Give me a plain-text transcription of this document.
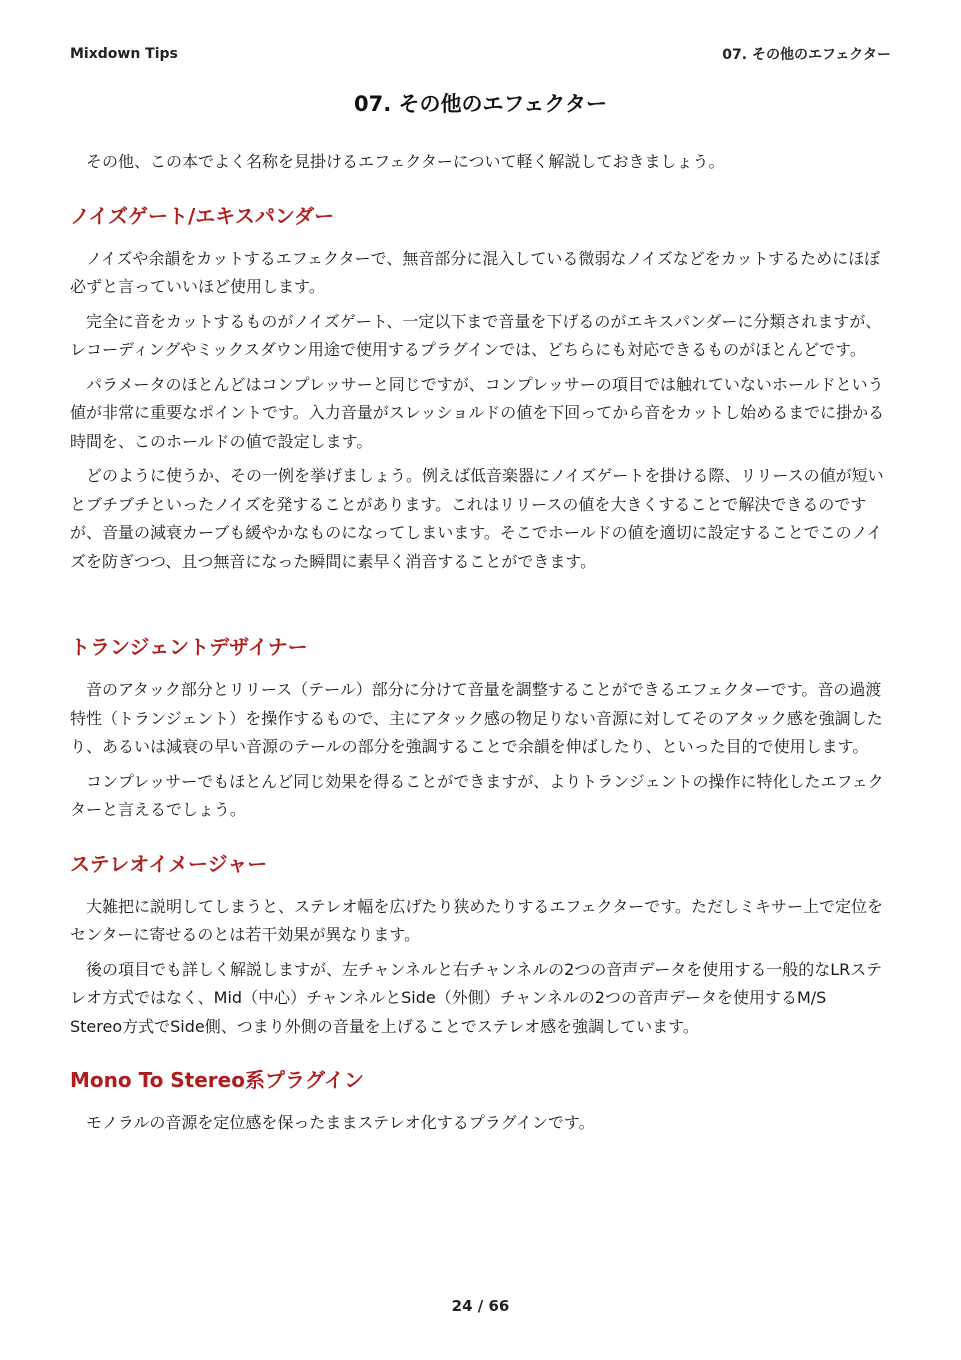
Mixdown Tips	07. その他のエフェクター
07. その他のエフェクター

その他、この本でよく名称を見掛けるエフェクターについて軽く解説しておきましょう。

ノイズゲート/エキスパンダー

ノイズや余韻をカットするエフェクターで、無音部分に混入している微弱なノイズなどをカットするためにほぼ必ずと言っていいほど使用します。

完全に音をカットするものがノイズゲート、一定以下まで音量を下げるのがエキスパンダーに分類されますが、レコーディングやミックスダウン用途で使用するプラグインでは、どちらにも対応できるものがほとんどです。

パラメータのほとんどはコンプレッサーと同じですが、コンプレッサーの項目では触れていないホールドという値が非常に重要なポイントです。入力音量がスレッショルドの値を下回ってから音をカットし始めるまでに掛かる時間を、このホールドの値で設定します。

どのように使うか、その一例を挙げましょう。例えば低音楽器にノイズゲートを掛ける際、リリースの値が短いとブチブチといったノイズを発することがあります。これはリリースの値を大きくすることで解決できるのですが、音量の減衰カーブも緩やかなものになってしまいます。そこでホールドの値を適切に設定することでこのノイズを防ぎつつ、且つ無音になった瞬間に素早く消音することができます。

トランジェントデザイナー

音のアタック部分とリリース（テール）部分に分けて音量を調整することができるエフェクターです。音の過渡特性（トランジェント）を操作するもので、主にアタック感の物足りない音源に対してそのアタック感を強調したり、あるいは減衰の早い音源のテールの部分を強調することで余韻を伸ばしたり、といった目的で使用します。

コンプレッサーでもほとんど同じ効果を得ることができますが、よりトランジェントの操作に特化したエフェクターと言えるでしょう。

ステレオイメージャー

大雑把に説明してしまうと、ステレオ幅を広げたり狭めたりするエフェクターです。ただしミキサー上で定位をセンターに寄せるのとは若干効果が異なります。

後の項目でも詳しく解説しますが、左チャンネルと右チャンネルの2つの音声データを使用する一般的なLRステレオ方式ではなく、Mid（中心）チャンネルとSide（外側）チャンネルの2つの音声データを使用するM/S　Stereo方式でSide側、つまり外側の音量を上げることでステレオ感を強調しています。

Mono To Stereo系プラグイン

モノラルの音源を定位感を保ったままステレオ化するプラグインです。

24 / 66
